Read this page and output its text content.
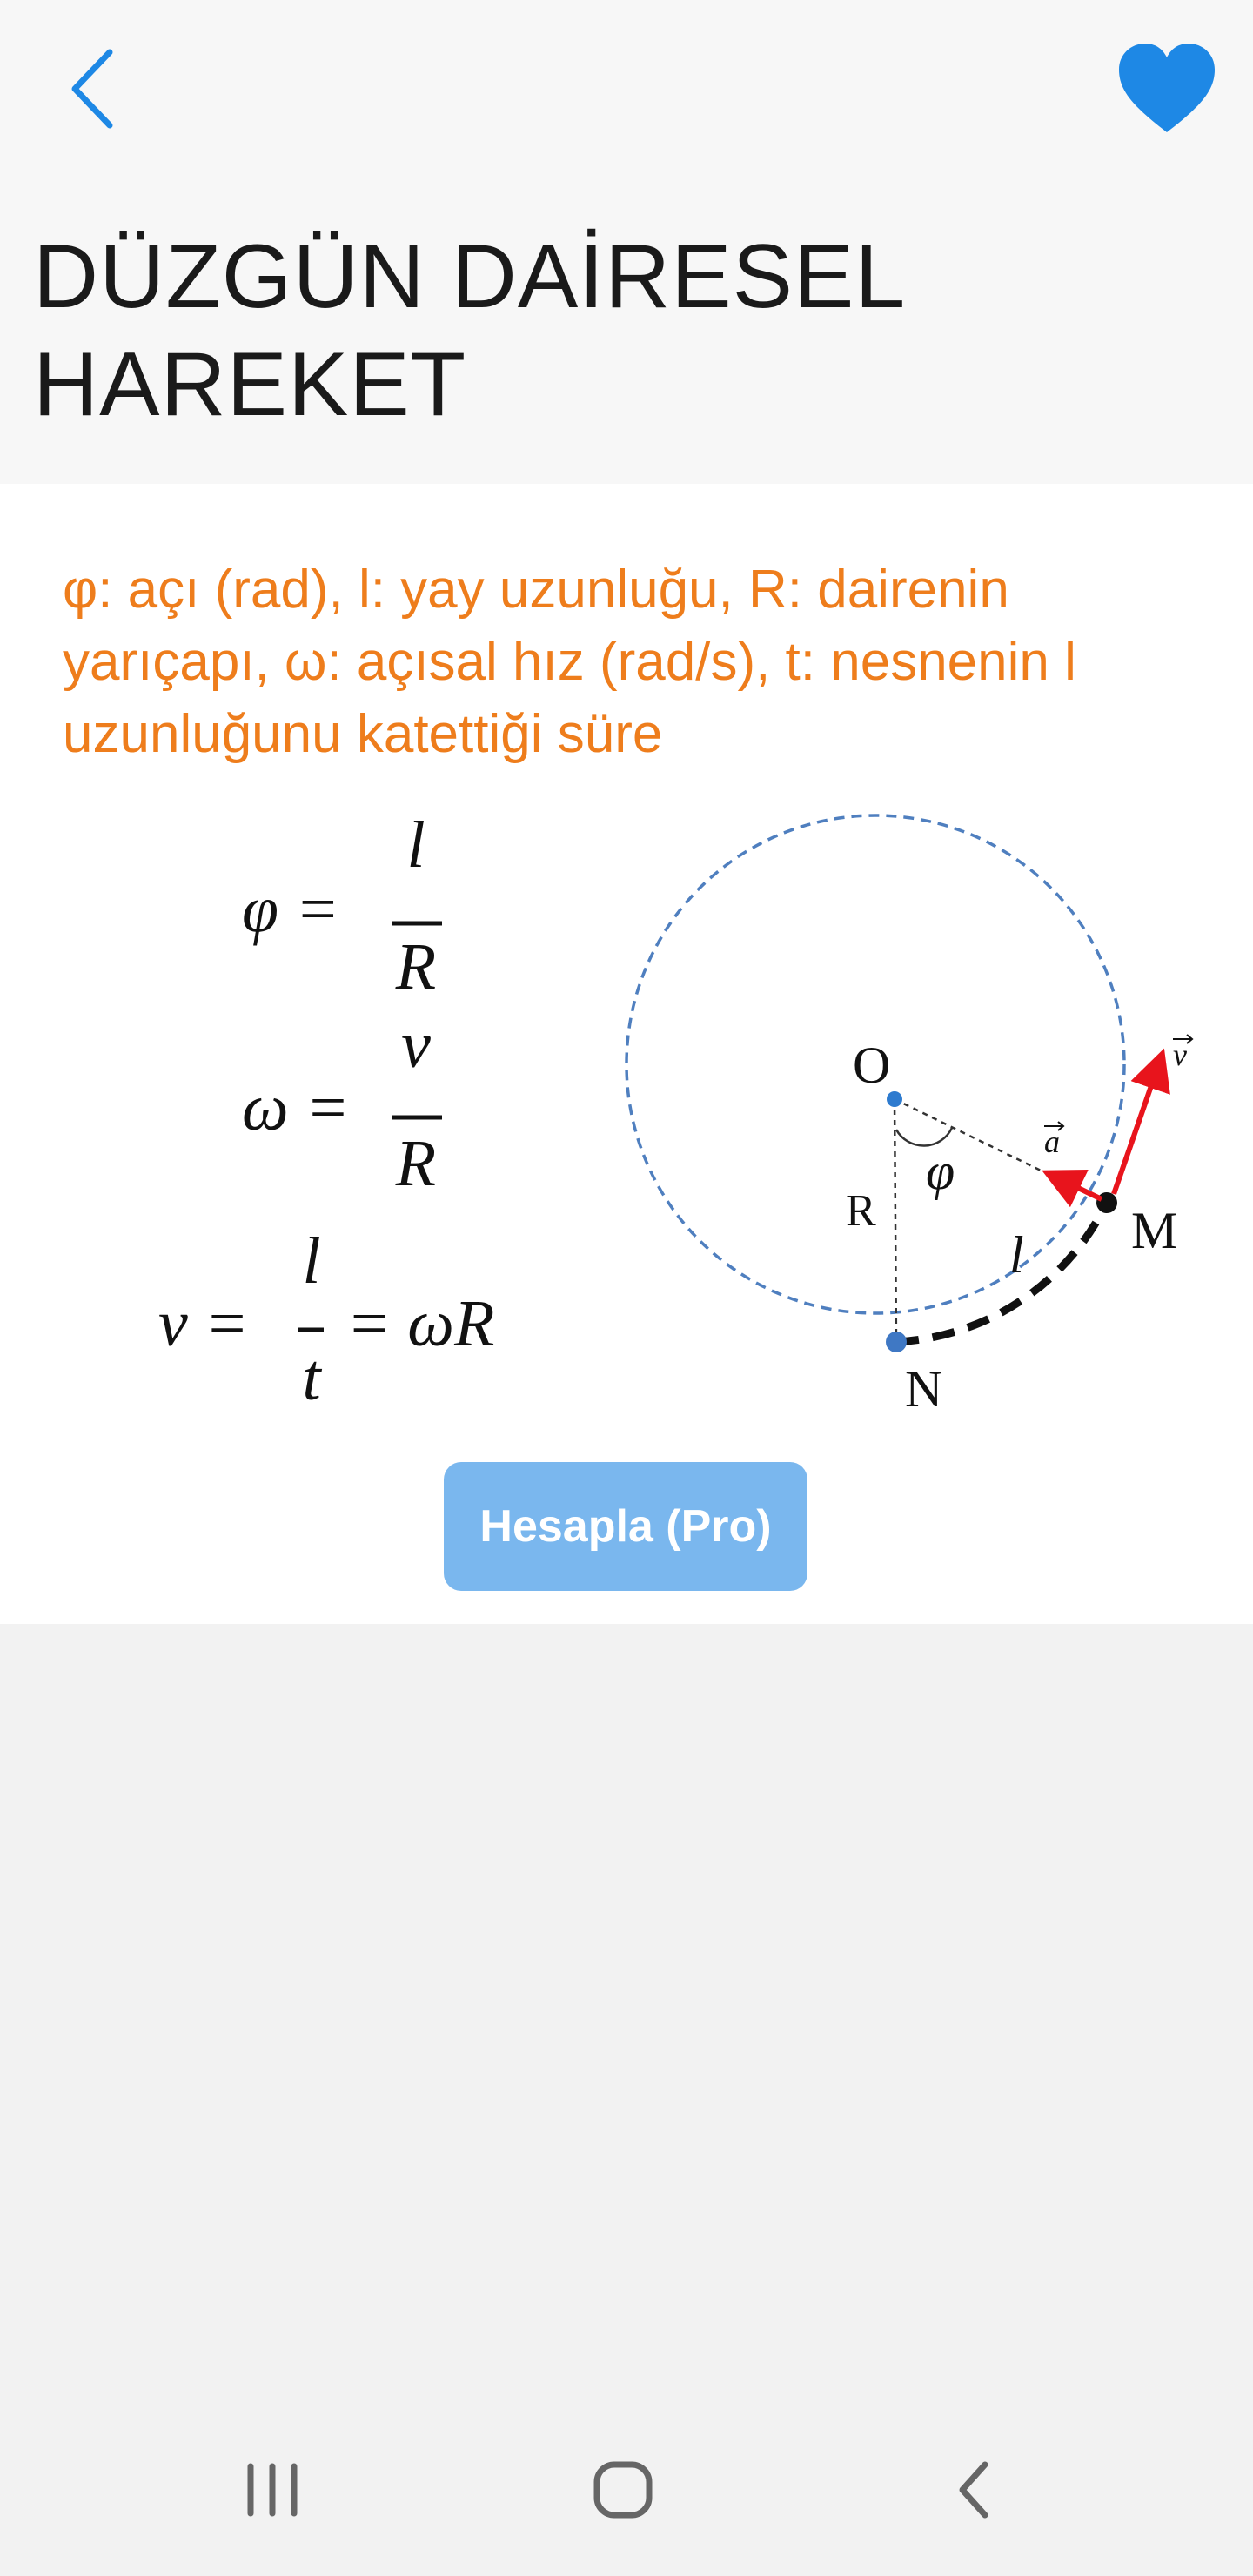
DÜZGÜN DAİRESEL HAREKET
φ: açı (rad), l: yay uzunluğu, R: dairenin yarıçapı, ω: açısal hız (rad/s), t: nesnenin l uzunluğunu katettiği süre
φ =
l
R
ω =
v
R
v =
l
t
= ωR
O
R
φ
a
v
M
l
N
Hesapla (Pro)
